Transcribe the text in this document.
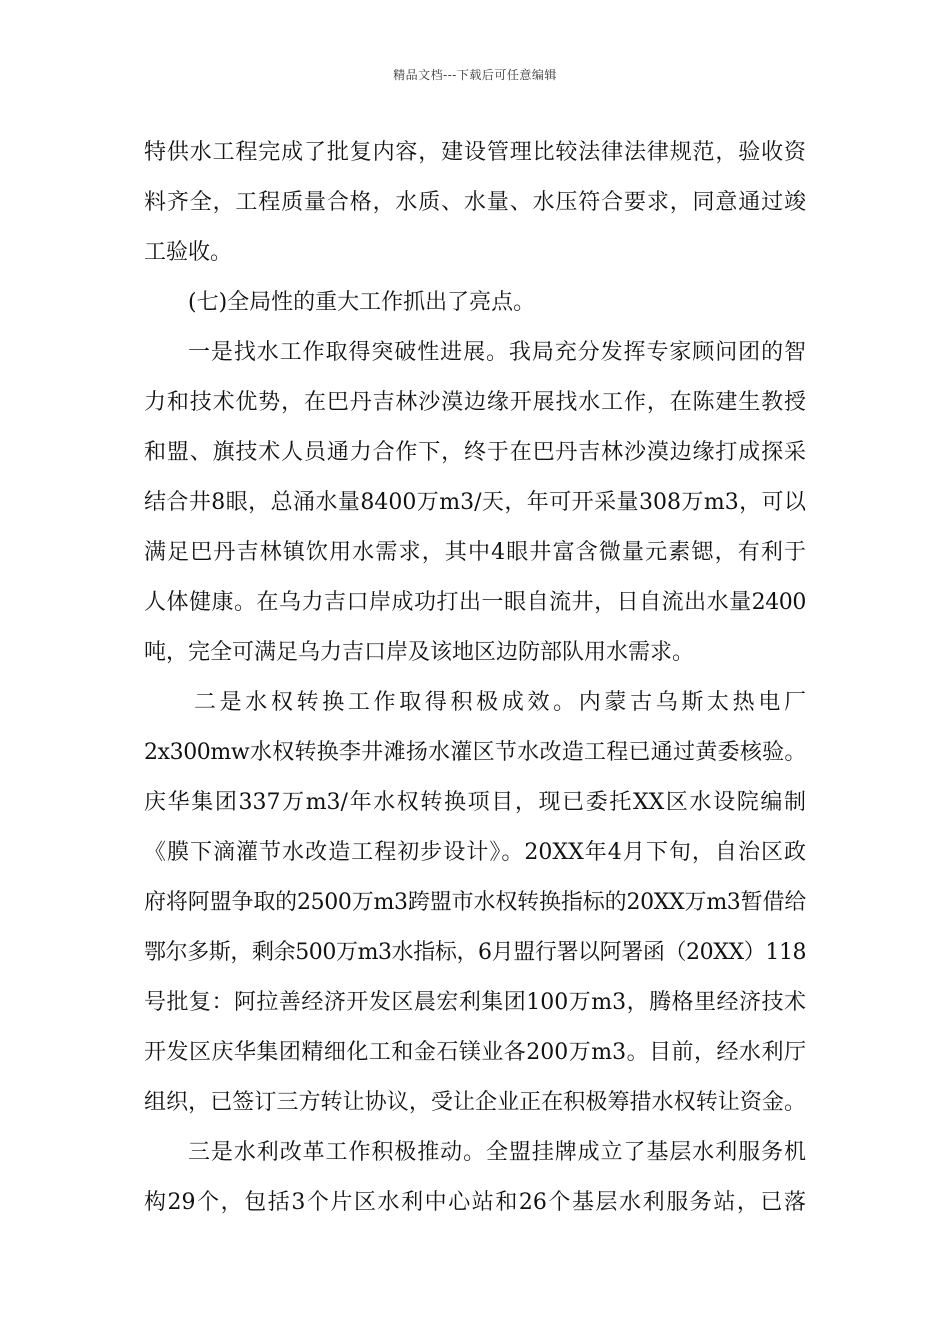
精品文档---下载后可任意编辑
特供水工程完成了批复内容，建设管理比较法律法律规范，验收资
料齐全，工程质量合格，水质、水量、水压符合要求，同意通过竣
工验收。
(七)全局性的重大工作抓出了亮点。
一是找水工作取得突破性进展。我局充分发挥专家顾问团的智
力和技术优势，在巴丹吉林沙漠边缘开展找水工作，在陈建生教授
和盟、旗技术人员通力合作下，终于在巴丹吉林沙漠边缘打成探采
结合井8眼，总涌水量8400万m3/天，年可开采量308万m3，可以
满足巴丹吉林镇饮用水需求，其中4眼井富含微量元素锶，有利于
人体健康。在乌力吉口岸成功打出一眼自流井，日自流出水量2400
吨，完全可满足乌力吉口岸及该地区边防部队用水需求。
二是水权转换工作取得积极成效。内蒙古乌斯太热电厂
2x300mw水权转换李井滩扬水灌区节水改造工程已通过黄委核验。
庆华集团337万m3/年水权转换项目，现已委托XX区水设院编制
《膜下滴灌节水改造工程初步设计》。20XX年4月下旬，自治区政
府将阿盟争取的2500万m3跨盟市水权转换指标的20XX万m3暂借给
鄂尔多斯，剩余500万m3水指标，6月盟行署以阿署函（20XX）118
号批复：阿拉善经济开发区晨宏利集团100万m3，腾格里经济技术
开发区庆华集团精细化工和金石镁业各200万m3。目前，经水利厅
组织，已签订三方转让协议，受让企业正在积极筹措水权转让资金。
三是水利改革工作积极推动。全盟挂牌成立了基层水利服务机
构29个，包括3个片区水利中心站和26个基层水利服务站，已落
